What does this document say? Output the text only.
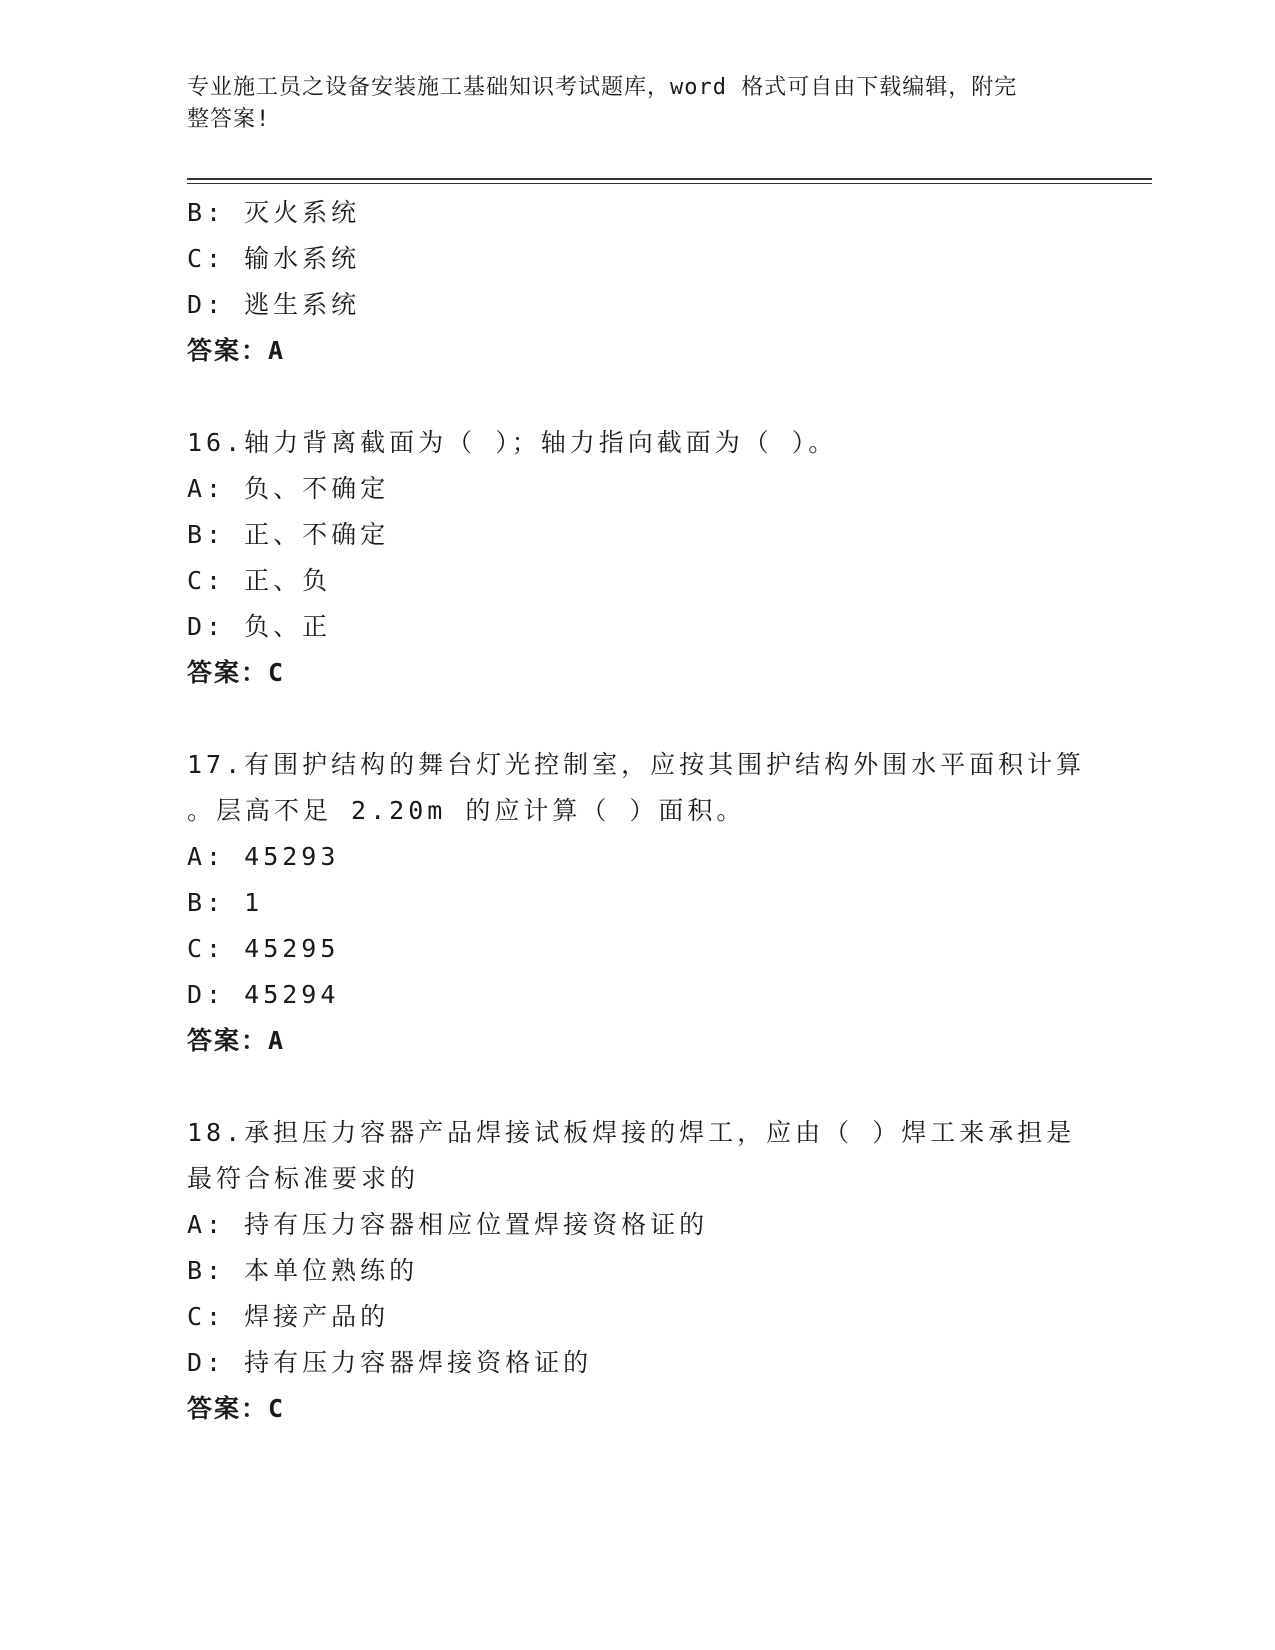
专业施工员之设备安装施工基础知识考试题库，word 格式可自由下载编辑，附完
整答案!
B: 灭火系统
C: 输水系统
D: 逃生系统
答案：A
16.轴力背离截面为（ ）；轴力指向截面为（ ）。
A: 负、不确定
B: 正、不确定
C: 正、负
D: 负、正
答案：C
17.有围护结构的舞台灯光控制室，应按其围护结构外围水平面积计算
。层高不足 2.20m 的应计算（ ）面积。
A: 45293
B: 1
C: 45295
D: 45294
答案：A
18.承担压力容器产品焊接试板焊接的焊工，应由（ ）焊工来承担是
最符合标准要求的
A: 持有压力容器相应位置焊接资格证的
B: 本单位熟练的
C: 焊接产品的
D: 持有压力容器焊接资格证的
答案：C
